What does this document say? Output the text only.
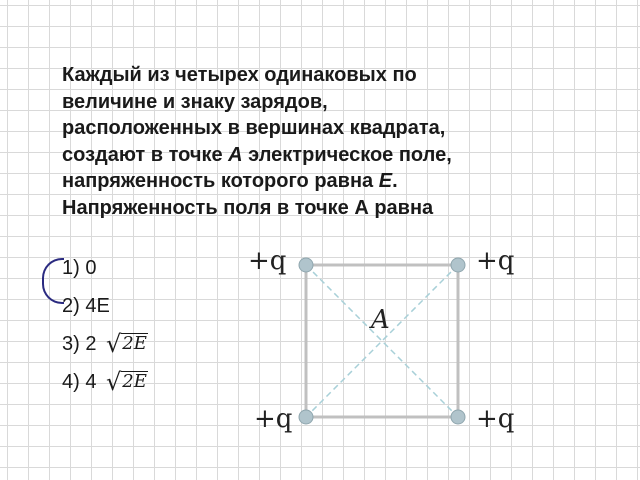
Каждый из четырех одинаковых по
величине и знаку зарядов,
расположенных в вершинах квадрата,
создают в точке A электрическое поле,
напряженность которого равна E.
Напряженность поля в точке А равна
1) 0
2) 4E
3) 2
4) 4
√2E
√2E
+q	+q
+q	+q
A
